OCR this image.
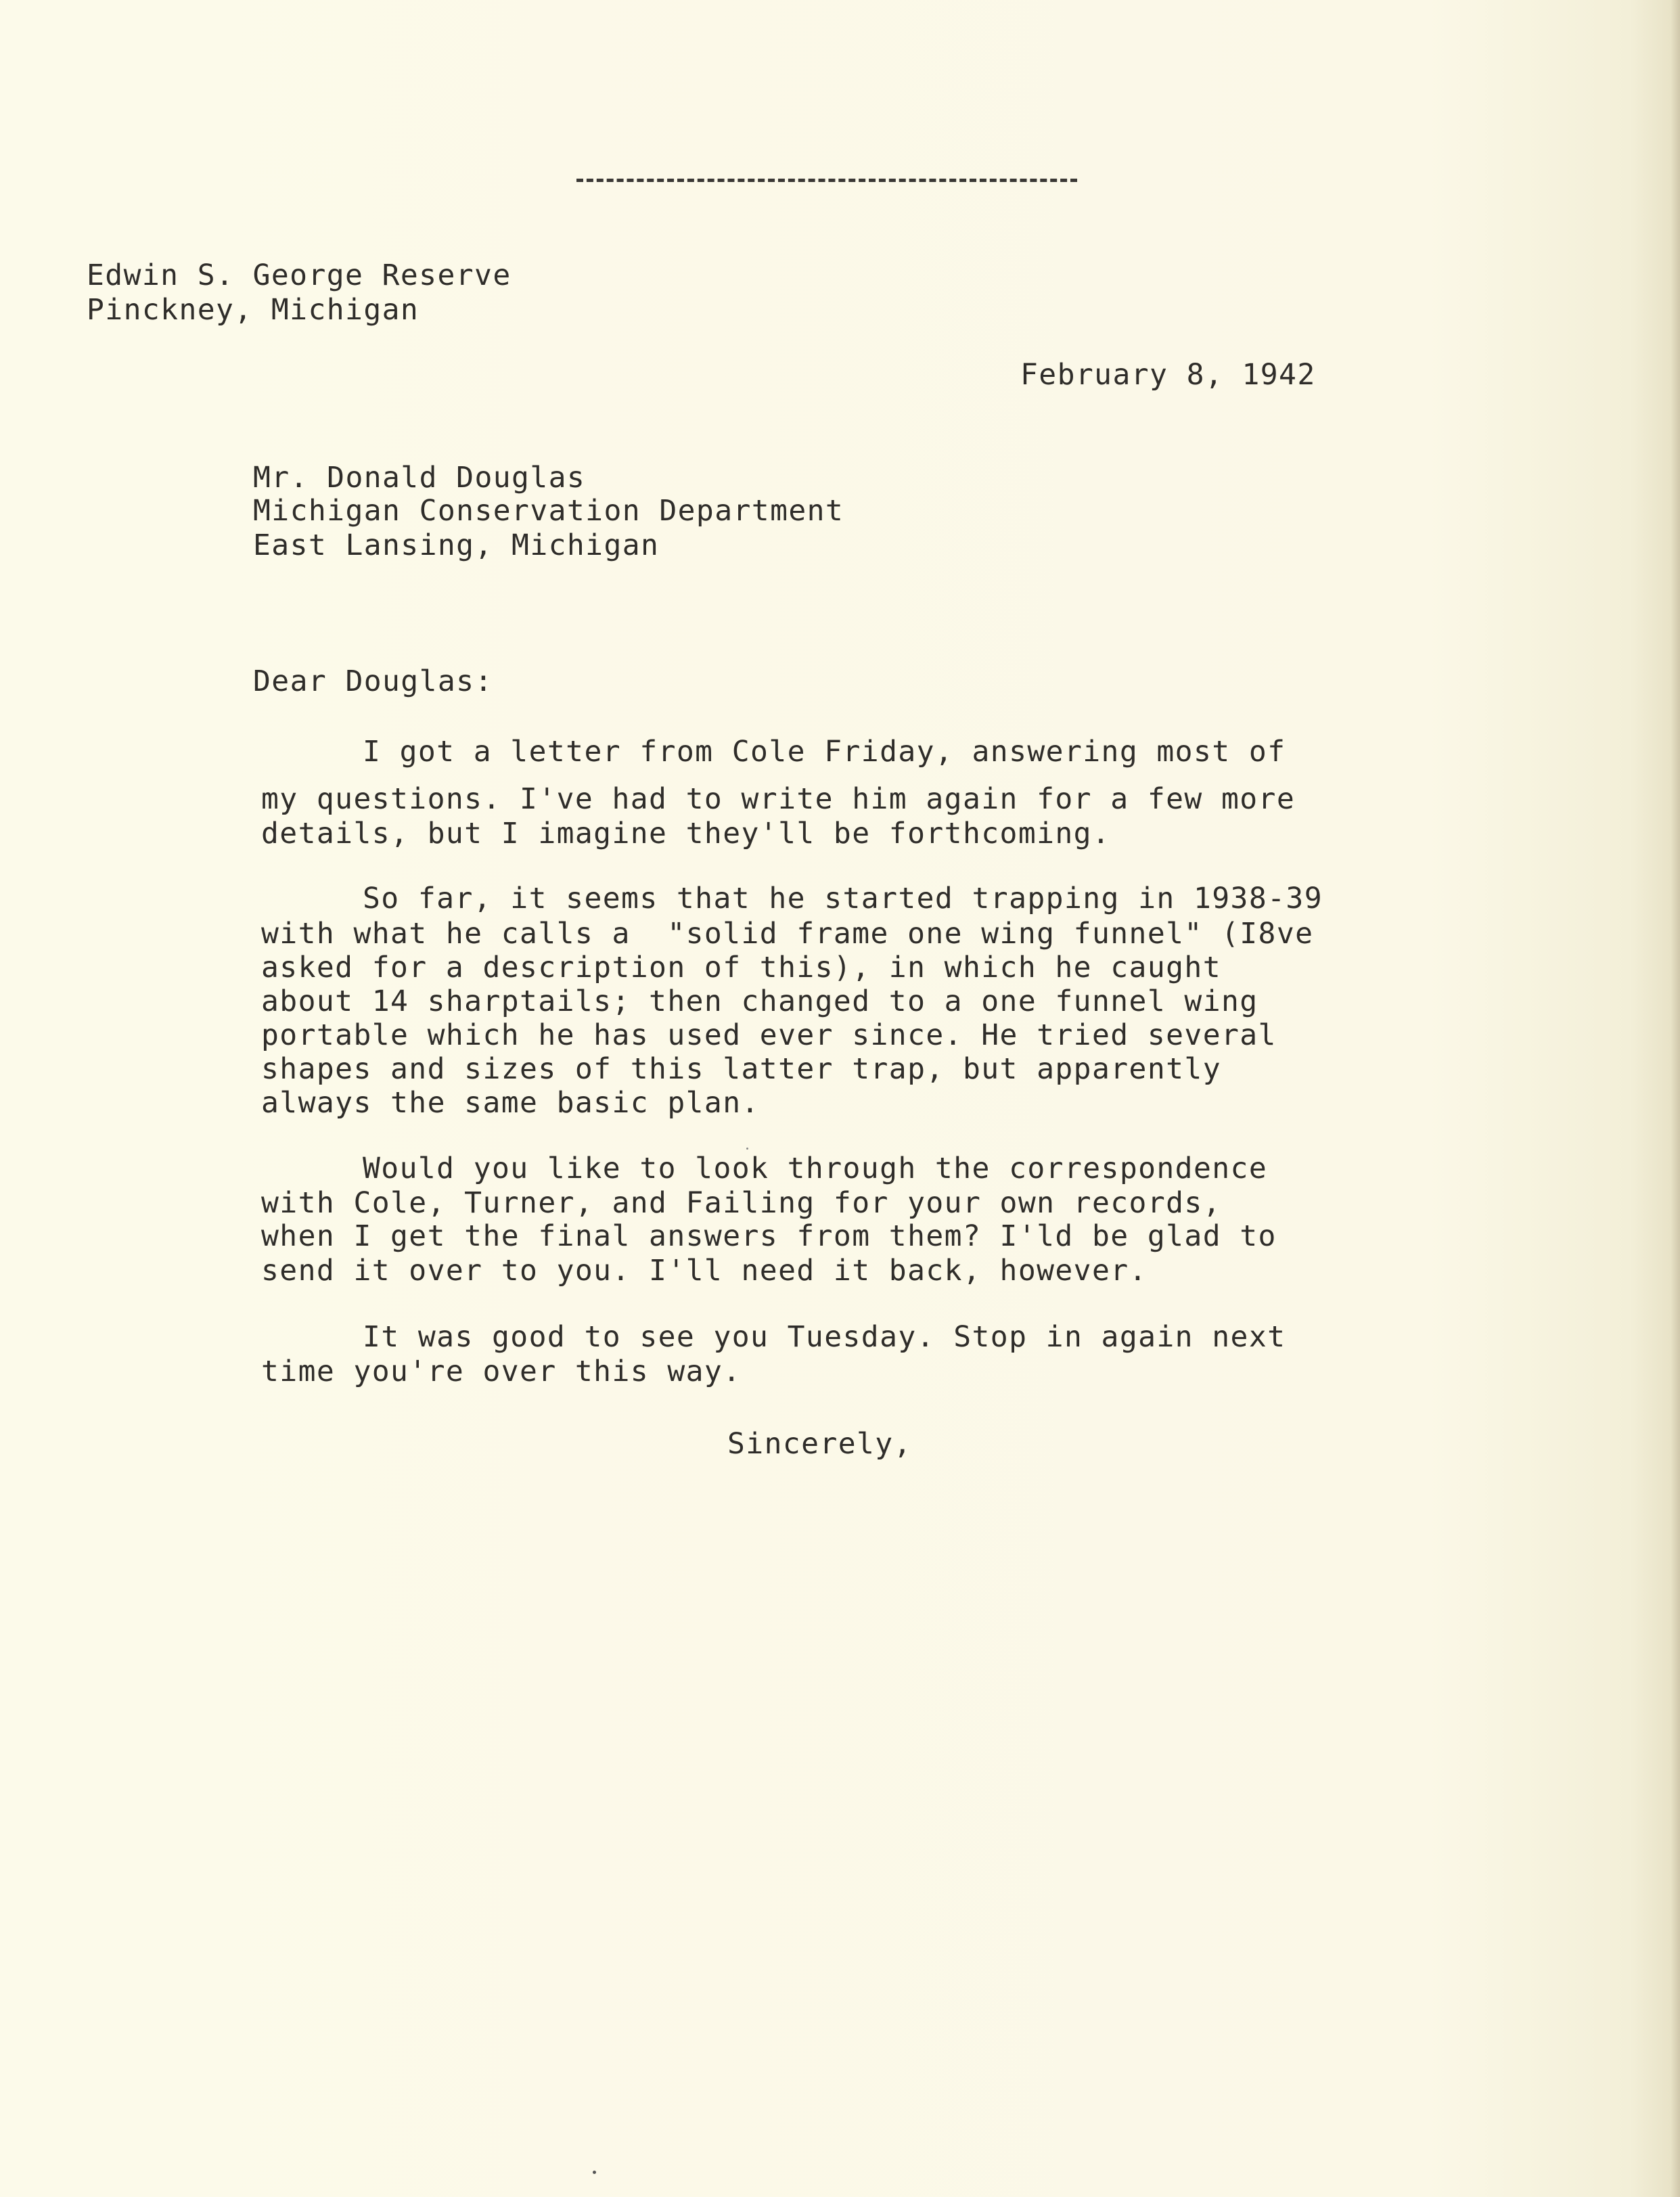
Edwin S. George Reserve
Pinckney, Michigan
February 8, 1942
Mr. Donald Douglas
Michigan Conservation Department
East Lansing, Michigan
Dear Douglas:
I got a letter from Cole Friday, answering most of
my questions. I've had to write him again for a few more
details, but I imagine they'll be forthcoming.
So far, it seems that he started trapping in 1938-39
with what he calls a  "solid frame one wing funnel" (I8ve
asked for a description of this), in which he caught
about 14 sharptails; then changed to a one funnel wing
portable which he has used ever since. He tried several
shapes and sizes of this latter trap, but apparently
always the same basic plan.
Would you like to look through the correspondence
with Cole, Turner, and Failing for your own records,
when I get the final answers from them? I'ld be glad to
send it over to you. I'll need it back, however.
It was good to see you Tuesday. Stop in again next
time you're over this way.
Sincerely,
